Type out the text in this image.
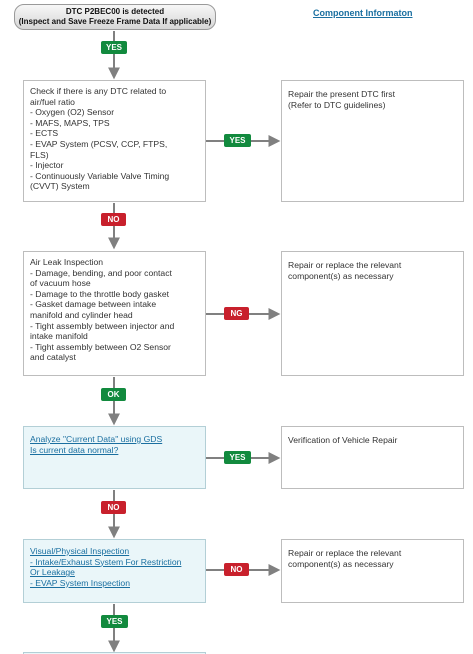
DTC P2BEC00 is detected
(Inspect and Save Freeze Frame Data If applicable)
Component Informaton
YES
Check if there is any DTC related to
air/fuel ratio
- Oxygen (O2) Sensor
- MAFS, MAPS, TPS
- ECTS
- EVAP System (PCSV, CCP, FTPS,
FLS)
- Injector
- Continuously Variable Valve Timing
(CVVT) System
YES
Repair the present DTC first
(Refer to DTC guidelines)
NO
Air Leak Inspection
- Damage, bending, and poor contact
of vacuum hose
- Damage to the throttle body gasket
- Gasket damage between intake
manifold and cylinder head
- Tight assembly between injector and
intake manifold
- Tight assembly between O2 Sensor
and catalyst
NG
Repair or replace the relevant
component(s) as necessary
OK
Analyze "Current Data" using GDS
Is current data normal?
YES
Verification of Vehicle Repair
NO
Visual/Physical Inspection
- Intake/Exhaust System For Restriction
Or Leakage
- EVAP System Inspection
NO
Repair or replace the relevant
component(s) as necessary
YES
